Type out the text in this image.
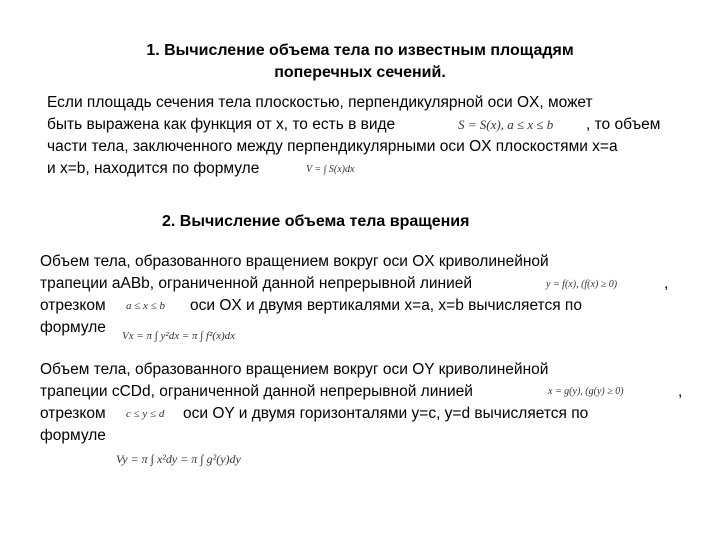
1. Вычисление объема тела по известным площадям
поперечных сечений.
Если площадь сечения тела плоскостью, перпендикулярной оси OX, может
быть выражена как функция от x, то есть в виде	S = S(x), a ≤ x ≤ b , то объем
части тела, заключенного между перпендикулярными оси OX плоскостями x=a
и x=b, находится по формуле	V = ∫ S(x)dx
2. Вычисление объема тела вращения
Объем тела, образованного вращением вокруг оси OX криволинейной
трапеции aABb, ограниченной данной непрерывной линией	y = f(x), (f(x) ≥ 0)	,
отрезком a ≤ x ≤ b оси OX и двумя вертикалями x=a, x=b вычисляется по
формуле Vx = π ∫ y²dx = π ∫ f²(x)dx
Объем тела, образованного вращением вокруг оси OY криволинейной
трапеции cCDd, ограниченной данной непрерывной линией	x = g(y), (g(y) ≥ 0)	,
отрезком c ≤ y ≤ d оси OY и двумя горизонталями y=c, y=d вычисляется по
формуле
Vy = π ∫ x²dy = π ∫ g²(y)dy
